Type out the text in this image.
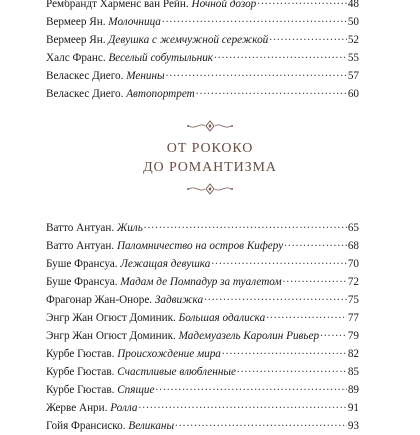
Рембрандт Харменс ван Рейн.
Ночной дозор .....	48
Вермеер Ян.
Молочница .....	50
Вермеер Ян.
Девушка с жемчужной сережкой .....	52
Халс Франс.
Веселый собутыльник .....	55
Веласкес Диего.
Менины .....	57
Веласкес Диего.
Автопортрет .....	60
ОТ РОКОКО
ДО РОМАНТИЗМА
Ватто Антуан.
Жиль .....	65
Ватто Антуан.
Паломничество на остров Киферу .....	68
Буше Франсуа.
Лежащая девушка .....	70
Буше Франсуа.
Мадам де Помпадур за туалетом .....	72
Фрагонар Жан-Оноре.
Задвижка .....	75
Энгр Жан Огюст Доминик.
Большая одалиска .....	77
Энгр Жан Огюст Доминик.
Мадемуазель Каролин Ривьер .....	79
Курбе Гюстав.
Происхождение мира .....	82
Курбе Гюстав.
Счастливые влюбленные .....	85
Курбе Гюстав.
Спящие .....	89
Жерве Анри.
Ролла .....	91
Гойя Франсиско.
Великаны .....	93
